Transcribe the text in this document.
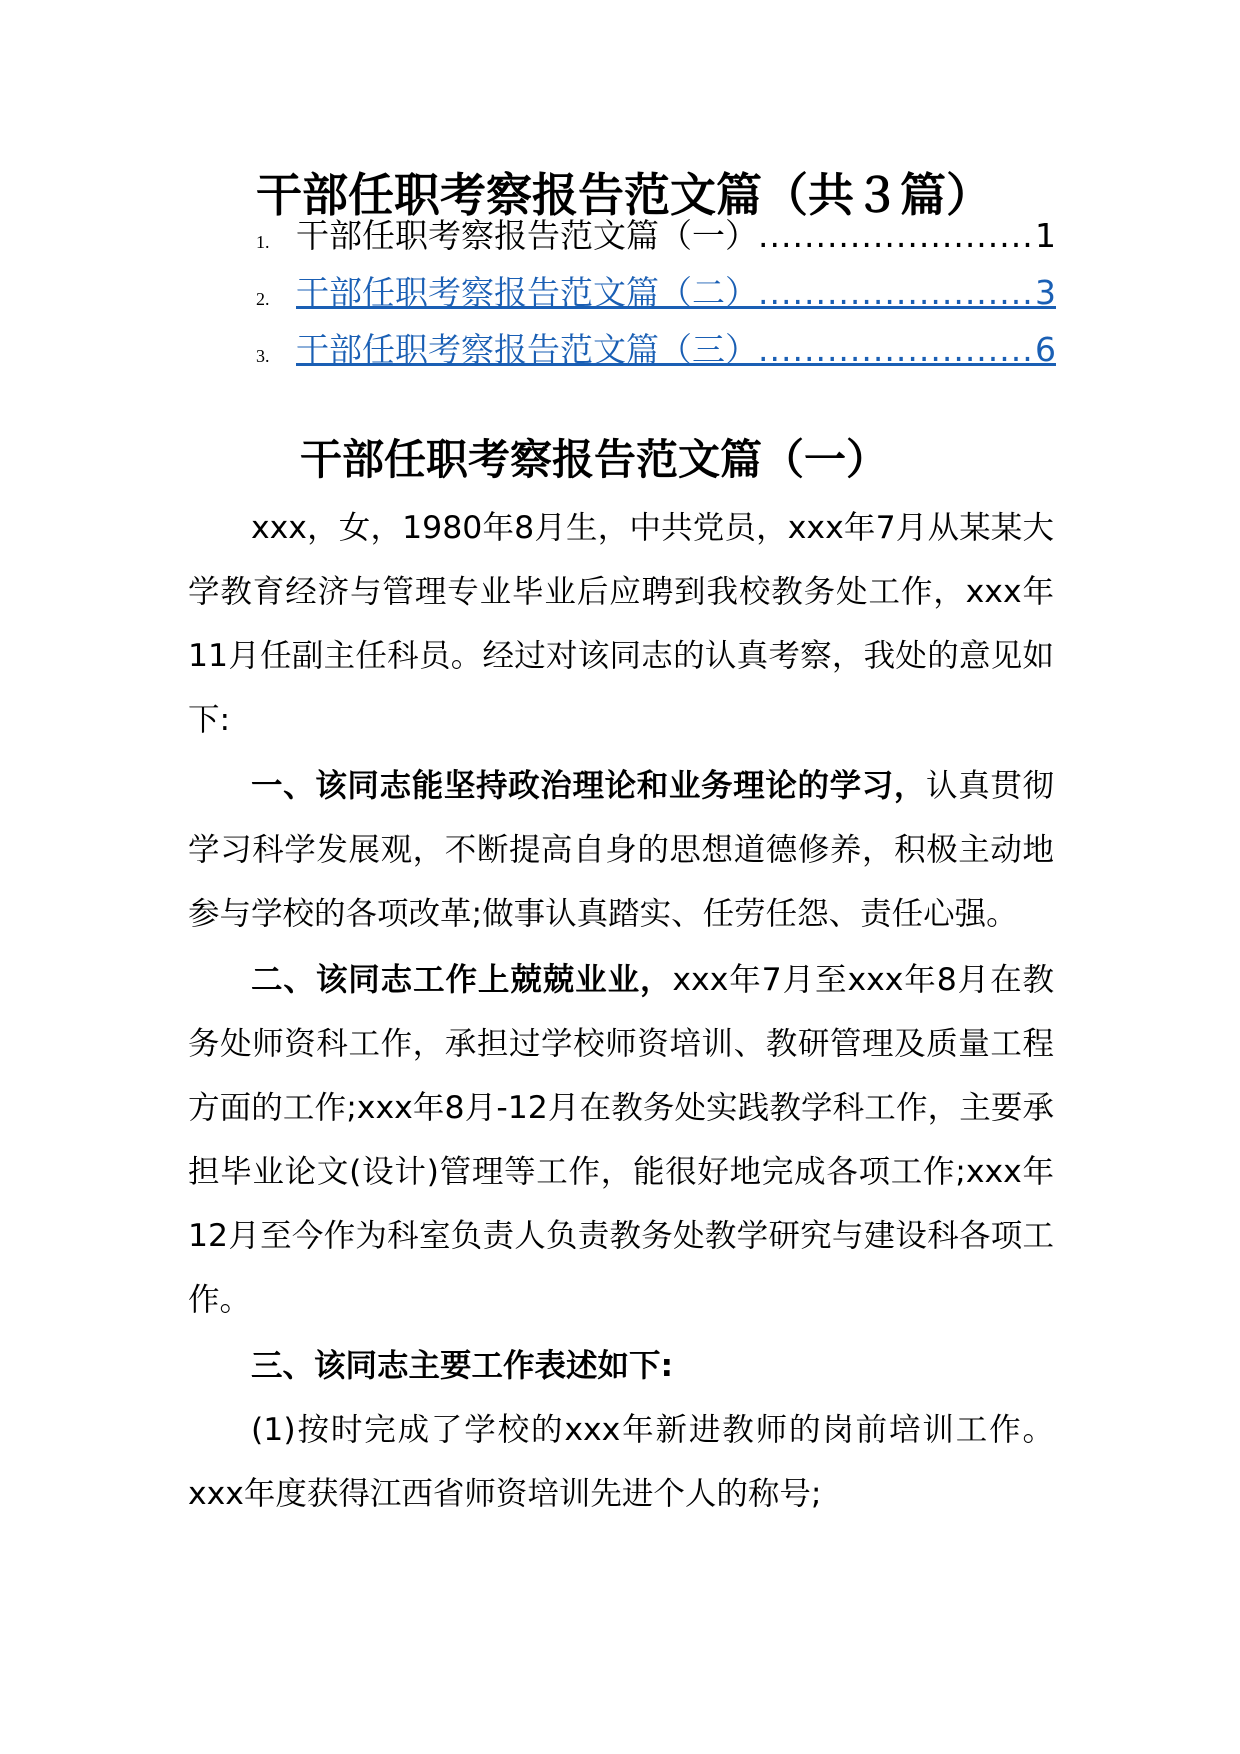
干部任职考察报告范文篇（共３篇）
1. 干部任职考察报告范文篇（一） .....	1
2. 干部任职考察报告范文篇（二） .....	3
3. 干部任职考察报告范文篇（三） .....	6
干部任职考察报告范文篇（一）

xxx，女，1980年8月生，中共党员，xxx年7月从某某大学教育经济与管理专业毕业后应聘到我校教务处工作，xxx年11月任副主任科员。经过对该同志的认真考察，我处的意见如下:

一、该同志能坚持政治理论和业务理论的学习，认真贯彻学习科学发展观，不断提高自身的思想道德修养，积极主动地参与学校的各项改革;做事认真踏实、任劳任怨、责任心强。

二、该同志工作上兢兢业业，xxx年7月至xxx年8月在教务处师资科工作，承担过学校师资培训、教研管理及质量工程方面的工作;xxx年8月-12月在教务处实践教学科工作，主要承担毕业论文(设计)管理等工作，能很好地完成各项工作;xxx年12月至今作为科室负责人负责教务处教学研究与建设科各项工作。

三、该同志主要工作表述如下:

(1)按时完成了学校的xxx年新进教师的岗前培训工作。xxx年度获得江西省师资培训先进个人的称号;
